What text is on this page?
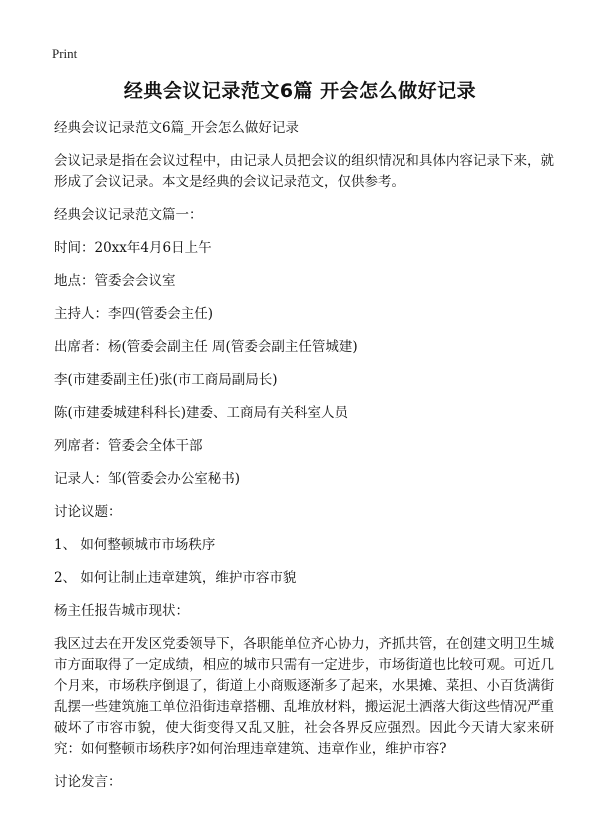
Print
经典会议记录范文6篇 开会怎么做好记录

经典会议记录范文6篇_开会怎么做好记录

会议记录是指在会议过程中，由记录人员把会议的组织情况和具体内容记录下来，就形成了会议记录。本文是经典的会议记录范文，仅供参考。

经典会议记录范文篇一：

时间：20xx年4月6日上午

地点：管委会会议室

主持人：李四(管委会主任)

出席者：杨(管委会副主任 周(管委会副主任管城建)

李(市建委副主任)张(市工商局副局长)

陈(市建委城建科科长)建委、工商局有关科室人员

列席者：管委会全体干部

记录人：邹(管委会办公室秘书)

讨论议题：

1、 如何整顿城市市场秩序

2、 如何让制止违章建筑，维护市容市貌

杨主任报告城市现状：

我区过去在开发区党委领导下，各职能单位齐心协力，齐抓共管，在创建文明卫生城市方面取得了一定成绩，相应的城市只需有一定进步，市场街道也比较可观。可近几个月来，市场秩序倒退了，街道上小商贩逐渐多了起来，水果摊、菜担、小百货满街乱摆一些建筑施工单位沿街违章搭棚、乱堆放材料，搬运泥土洒落大街这些情况严重破坏了市容市貌，使大街变得又乱又脏，社会各界反应强烈。因此今天请大家来研究：如何整顿市场秩序?如何治理违章建筑、违章作业，维护市容?

讨论发言：
